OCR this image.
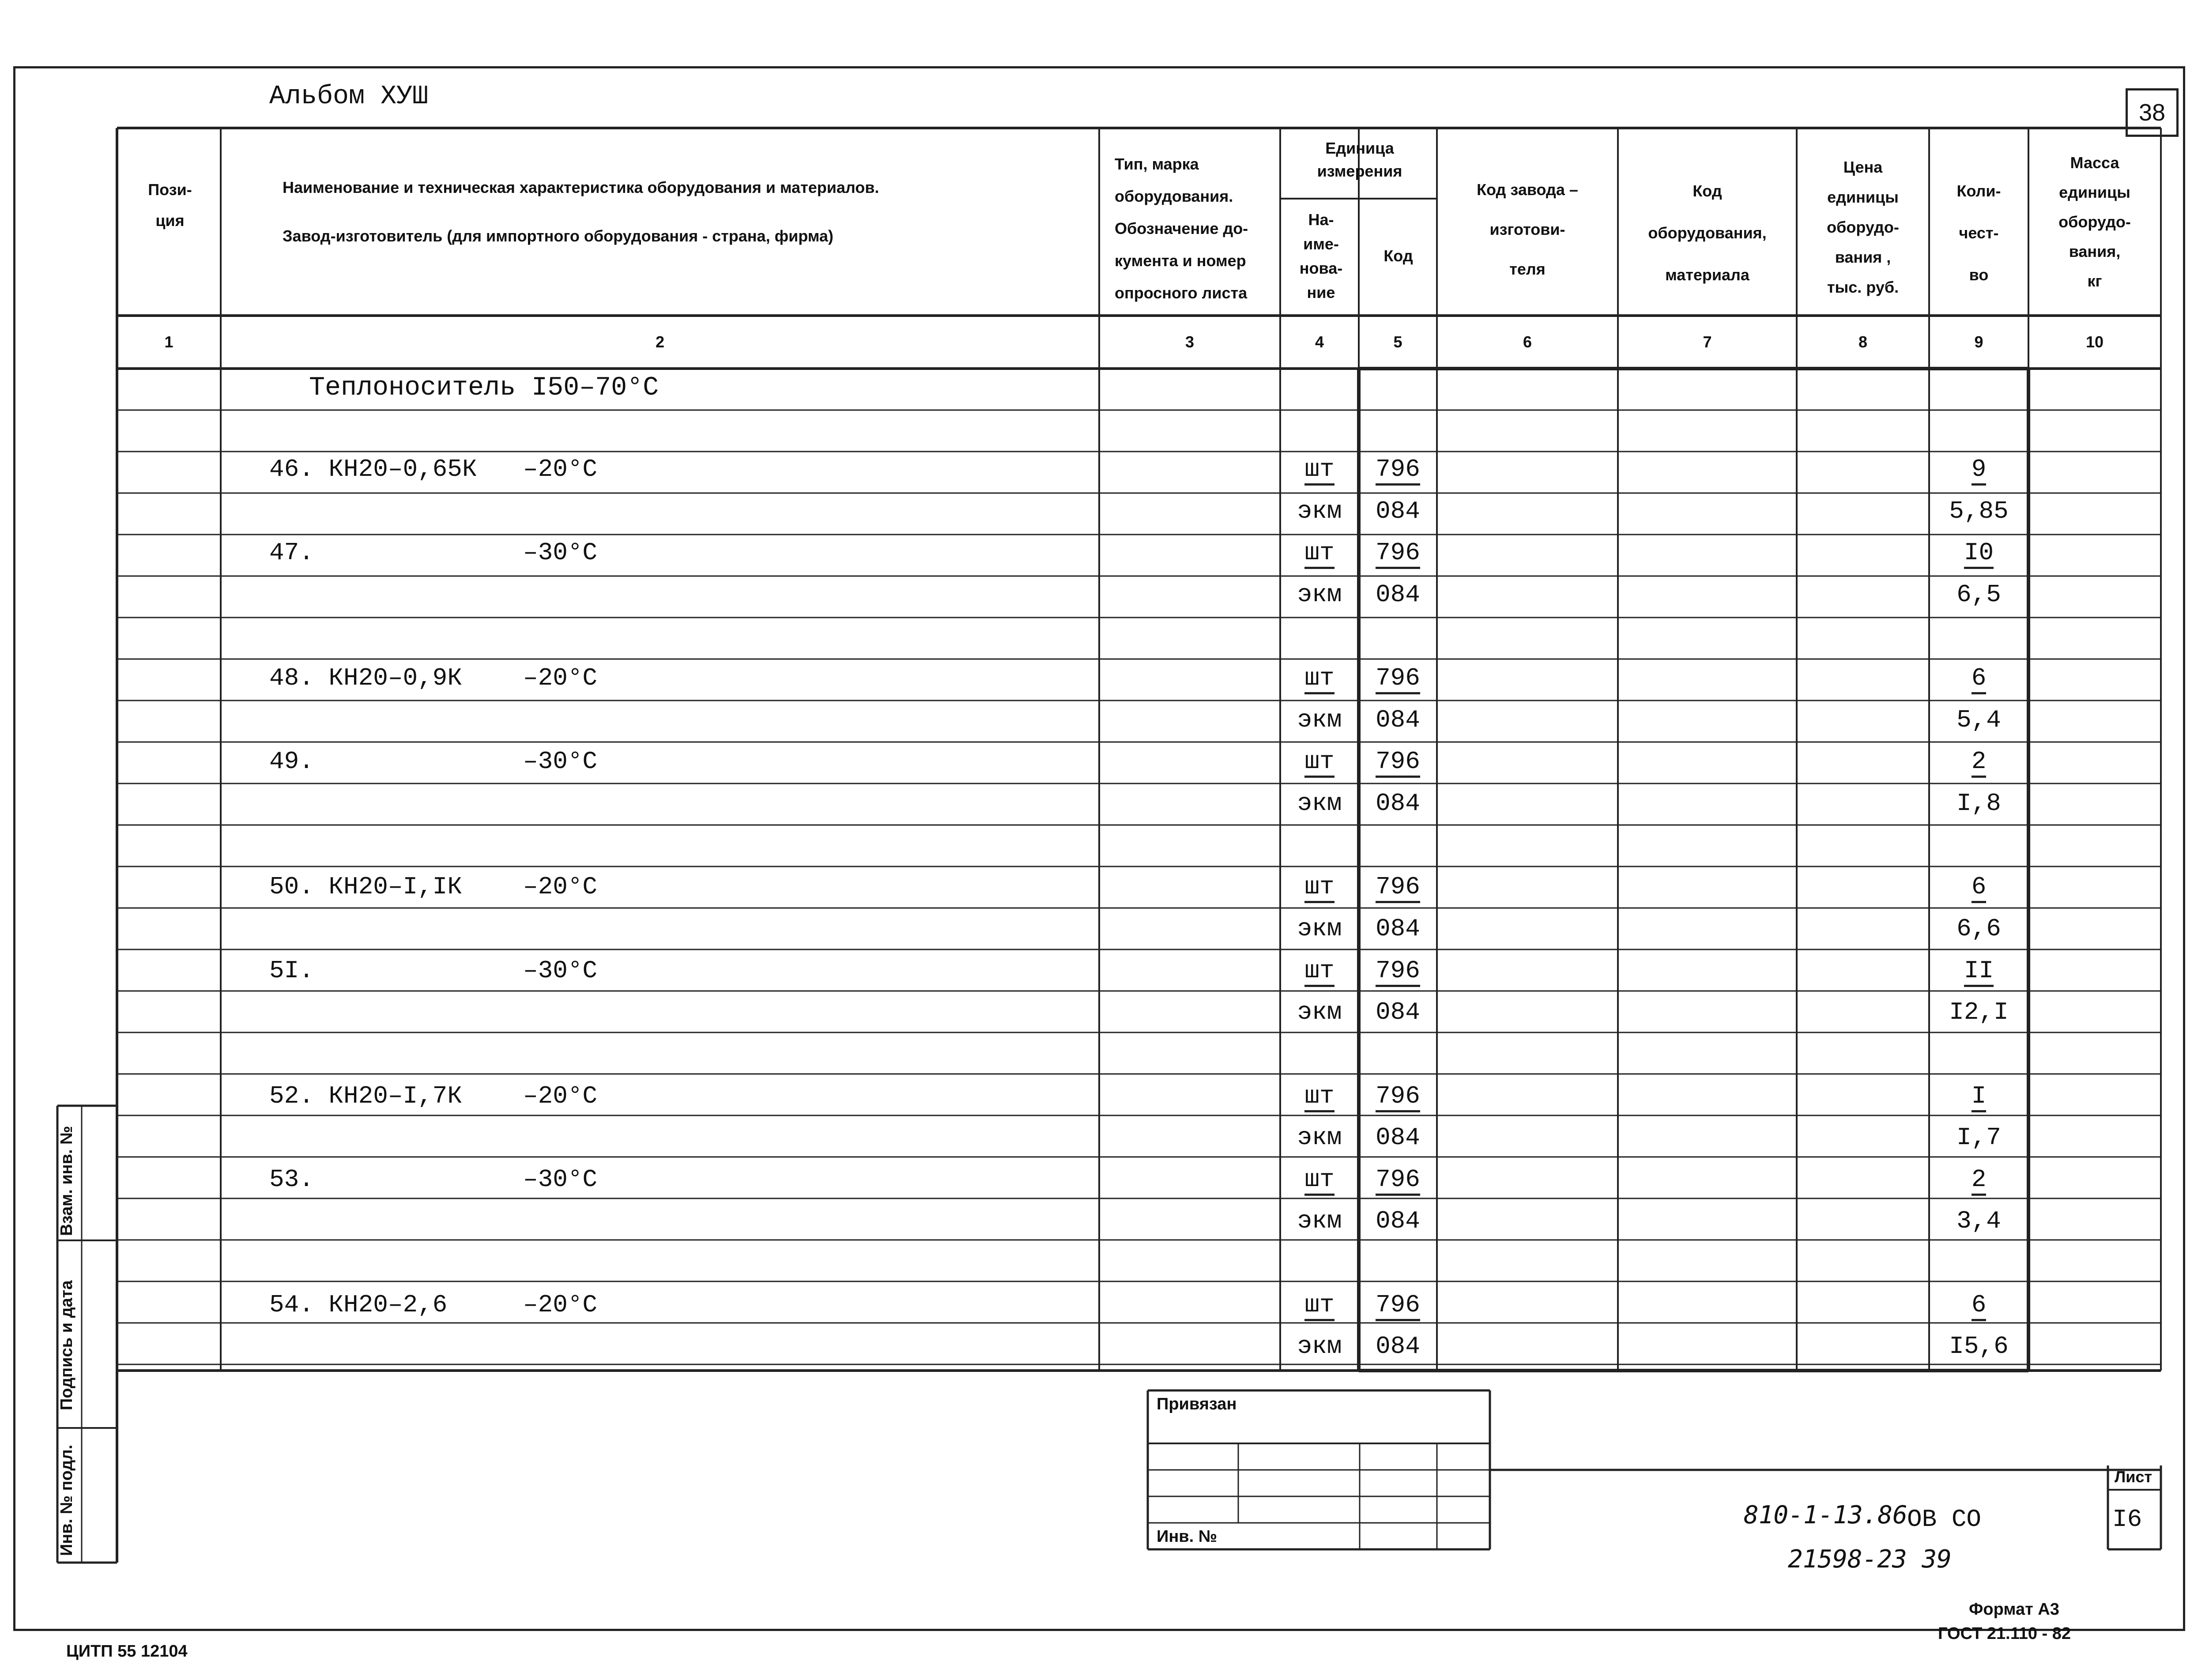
Альбом ХУШ
38
Пози-
ция
Наименование и техническая характеристика оборудования и материалов.
Завод-изготовитель (для импортного оборудования - страна, фирма)
Тип, марка
оборудования.
Обозначение до-
кумента и номер
опросного листа
Единица
измерения
На-
име-
нова-
ние
Код
Код завода –
изготови-
теля
Код
оборудования,
материала
Цена
единицы
оборудо-
вания ,
тыс. руб.
Коли-
чест-
во
Масса
единицы
оборудо-
вания,
кг
1	2	3	4	5	6	7	8	9	10
Теплоноситель I50–70°C
46. КН20–0,65К –20°C	шт	796	9
экм	084	5,85
47.	–30°C	шт	796	I0
экм	084	6,5
48. КН20–0,9К –20°C	шт	796	6
экм	084	5,4
49.	–30°C	шт	796	2
экм	084	I,8
50. КН20–I,IК –20°C	шт	796	6
экм	084	6,6
5I.	–30°C	шт	796	II
экм	084	I2,I
52. КН20–I,7К –20°C	шт	796	I
экм	084	I,7
53.	–30°C	шт	796	2
экм	084	3,4
54. КН20–2,6	–20°C	шт	796	6
экм	084	I5,6
Взам. инв. №
Подпись и дата
Инв. № подл.
Привязан
Инв. №
810-1-13.86 ОВ СО
Лист
I6
21598-23 39
Формат А3
ГОСТ 21.110 - 82
ЦИТП 55 12104
